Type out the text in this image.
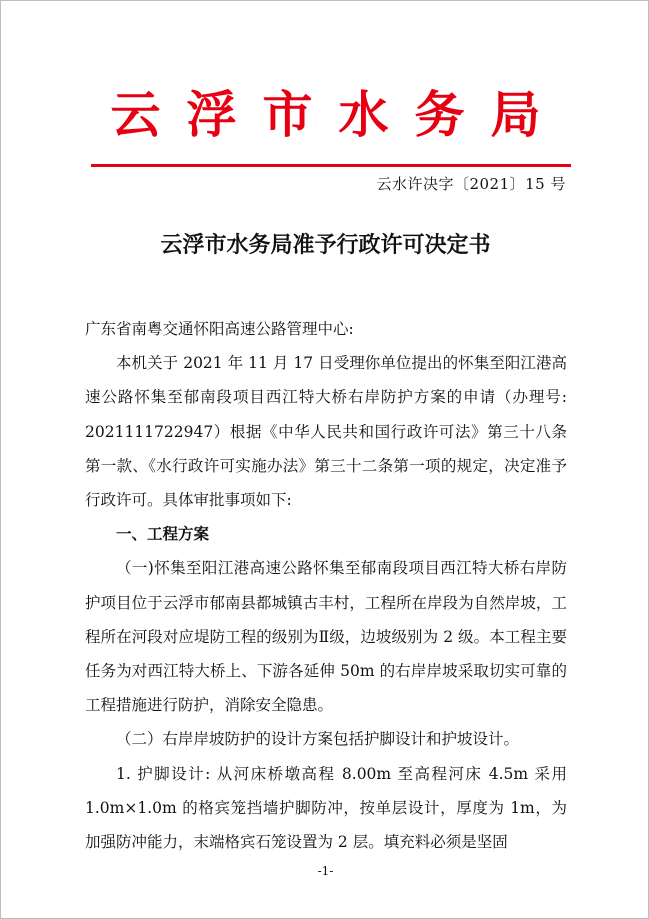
云浮市水务局
云水许决字〔2021〕15 号
云浮市水务局准予行政许可决定书

广东省南粤交通怀阳高速公路管理中心:

本机关于 2021 年 11 月 17 日受理你单位提出的怀集至阳江港高速公路怀集至郁南段项目西江特大桥右岸防护方案的申请（办理号: 2021111722947）根据《中华人民共和国行政许可法》第三十八条第一款、《水行政许可实施办法》第三十二条第一项的规定，决定准予行政许可。具体审批事项如下:

一、工程方案

（一)怀集至阳江港高速公路怀集至郁南段项目西江特大桥右岸防护项目位于云浮市郁南县都城镇古丰村，工程所在岸段为自然岸坡，工程所在河段对应堤防工程的级别为Ⅱ级，边坡级别为 2 级。本工程主要任务为对西江特大桥上、下游各延伸 50m 的右岸岸坡采取切实可靠的工程措施进行防护，消除安全隐患。

（二）右岸岸坡防护的设计方案包括护脚设计和护坡设计。

1. 护脚设计: 从河床桥墩高程 8.00m 至高程河床 4.5m 采用 1.0m×1.0m 的格宾笼挡墙护脚防冲，按单层设计，厚度为 1m，为加强防冲能力，末端格宾石笼设置为 2 层。填充料必须是坚固

-1-
